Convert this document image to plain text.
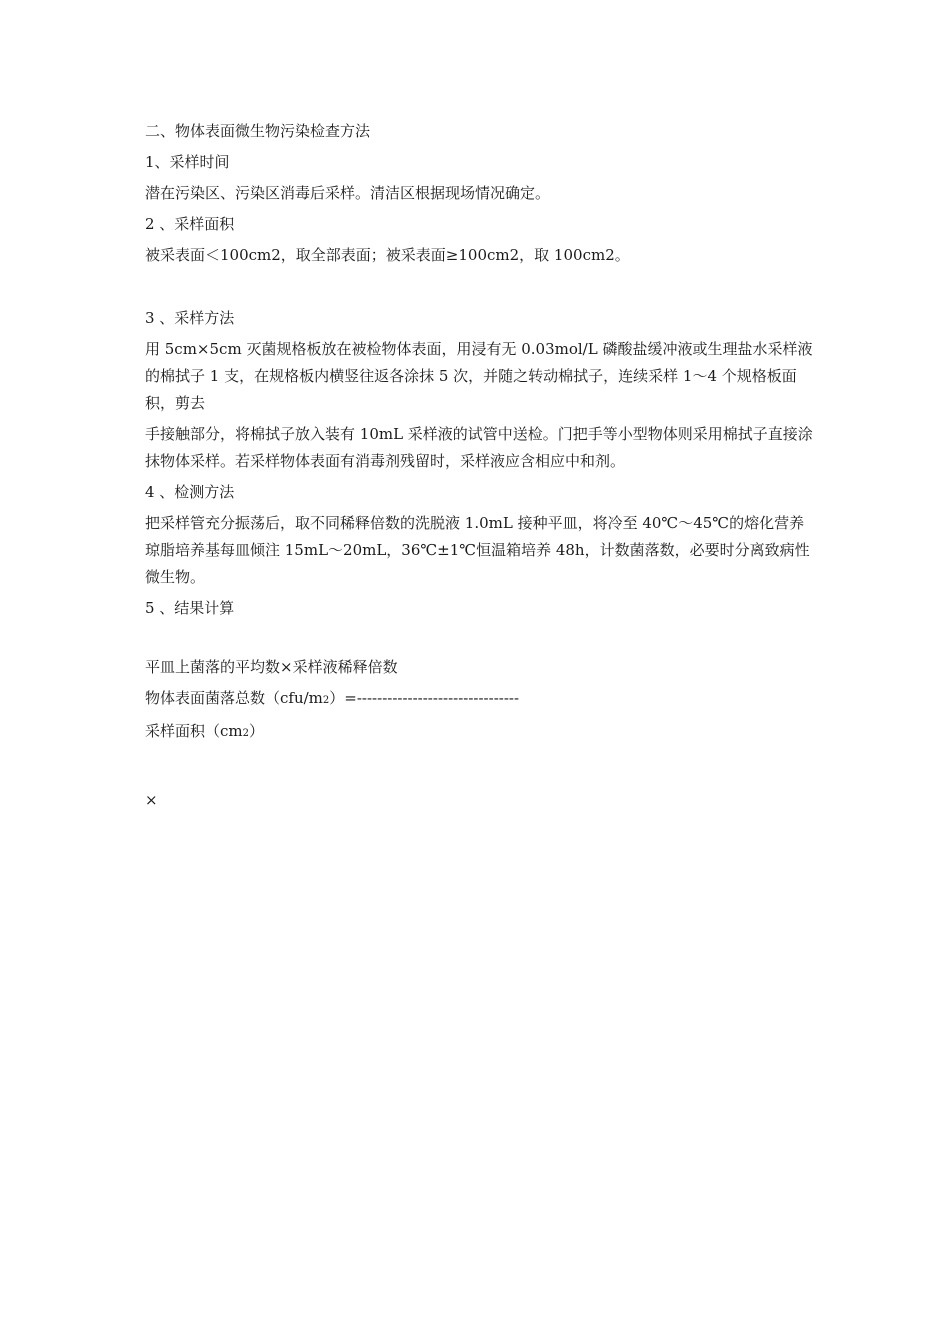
二、物体表面微生物污染检查方法
1、采样时间
潜在污染区、污染区消毒后采样。清洁区根据现场情况确定。
2 、采样面积
被采表面＜100cm2，取全部表面；被采表面≥100cm2，取 100cm2。
3 、采样方法
用 5cm×5cm 灭菌规格板放在被检物体表面，用浸有无 0.03mol/L 磷酸盐缓冲液或生理盐水采样液的棉拭子 1 支，在规格板内横竖往返各涂抹 5 次，并随之转动棉拭子，连续采样 1～4 个规格板面积，剪去
手接触部分，将棉拭子放入装有 10mL 采样液的试管中送检。门把手等小型物体则采用棉拭子直接涂抹物体采样。若采样物体表面有消毒剂残留时，采样液应含相应中和剂。
4 、检测方法
把采样管充分振荡后，取不同稀释倍数的洗脱液 1.0mL 接种平皿，将冷至 40℃～45℃的熔化营养琼脂培养基每皿倾注 15mL～20mL，36℃±1℃恒温箱培养 48h，计数菌落数，必要时分离致病性微生物。
5 、结果计算
平皿上菌落的平均数×采样液稀释倍数
物体表面菌落总数（cfu/m2）=--------------------------------
采样面积（cm2）
×
